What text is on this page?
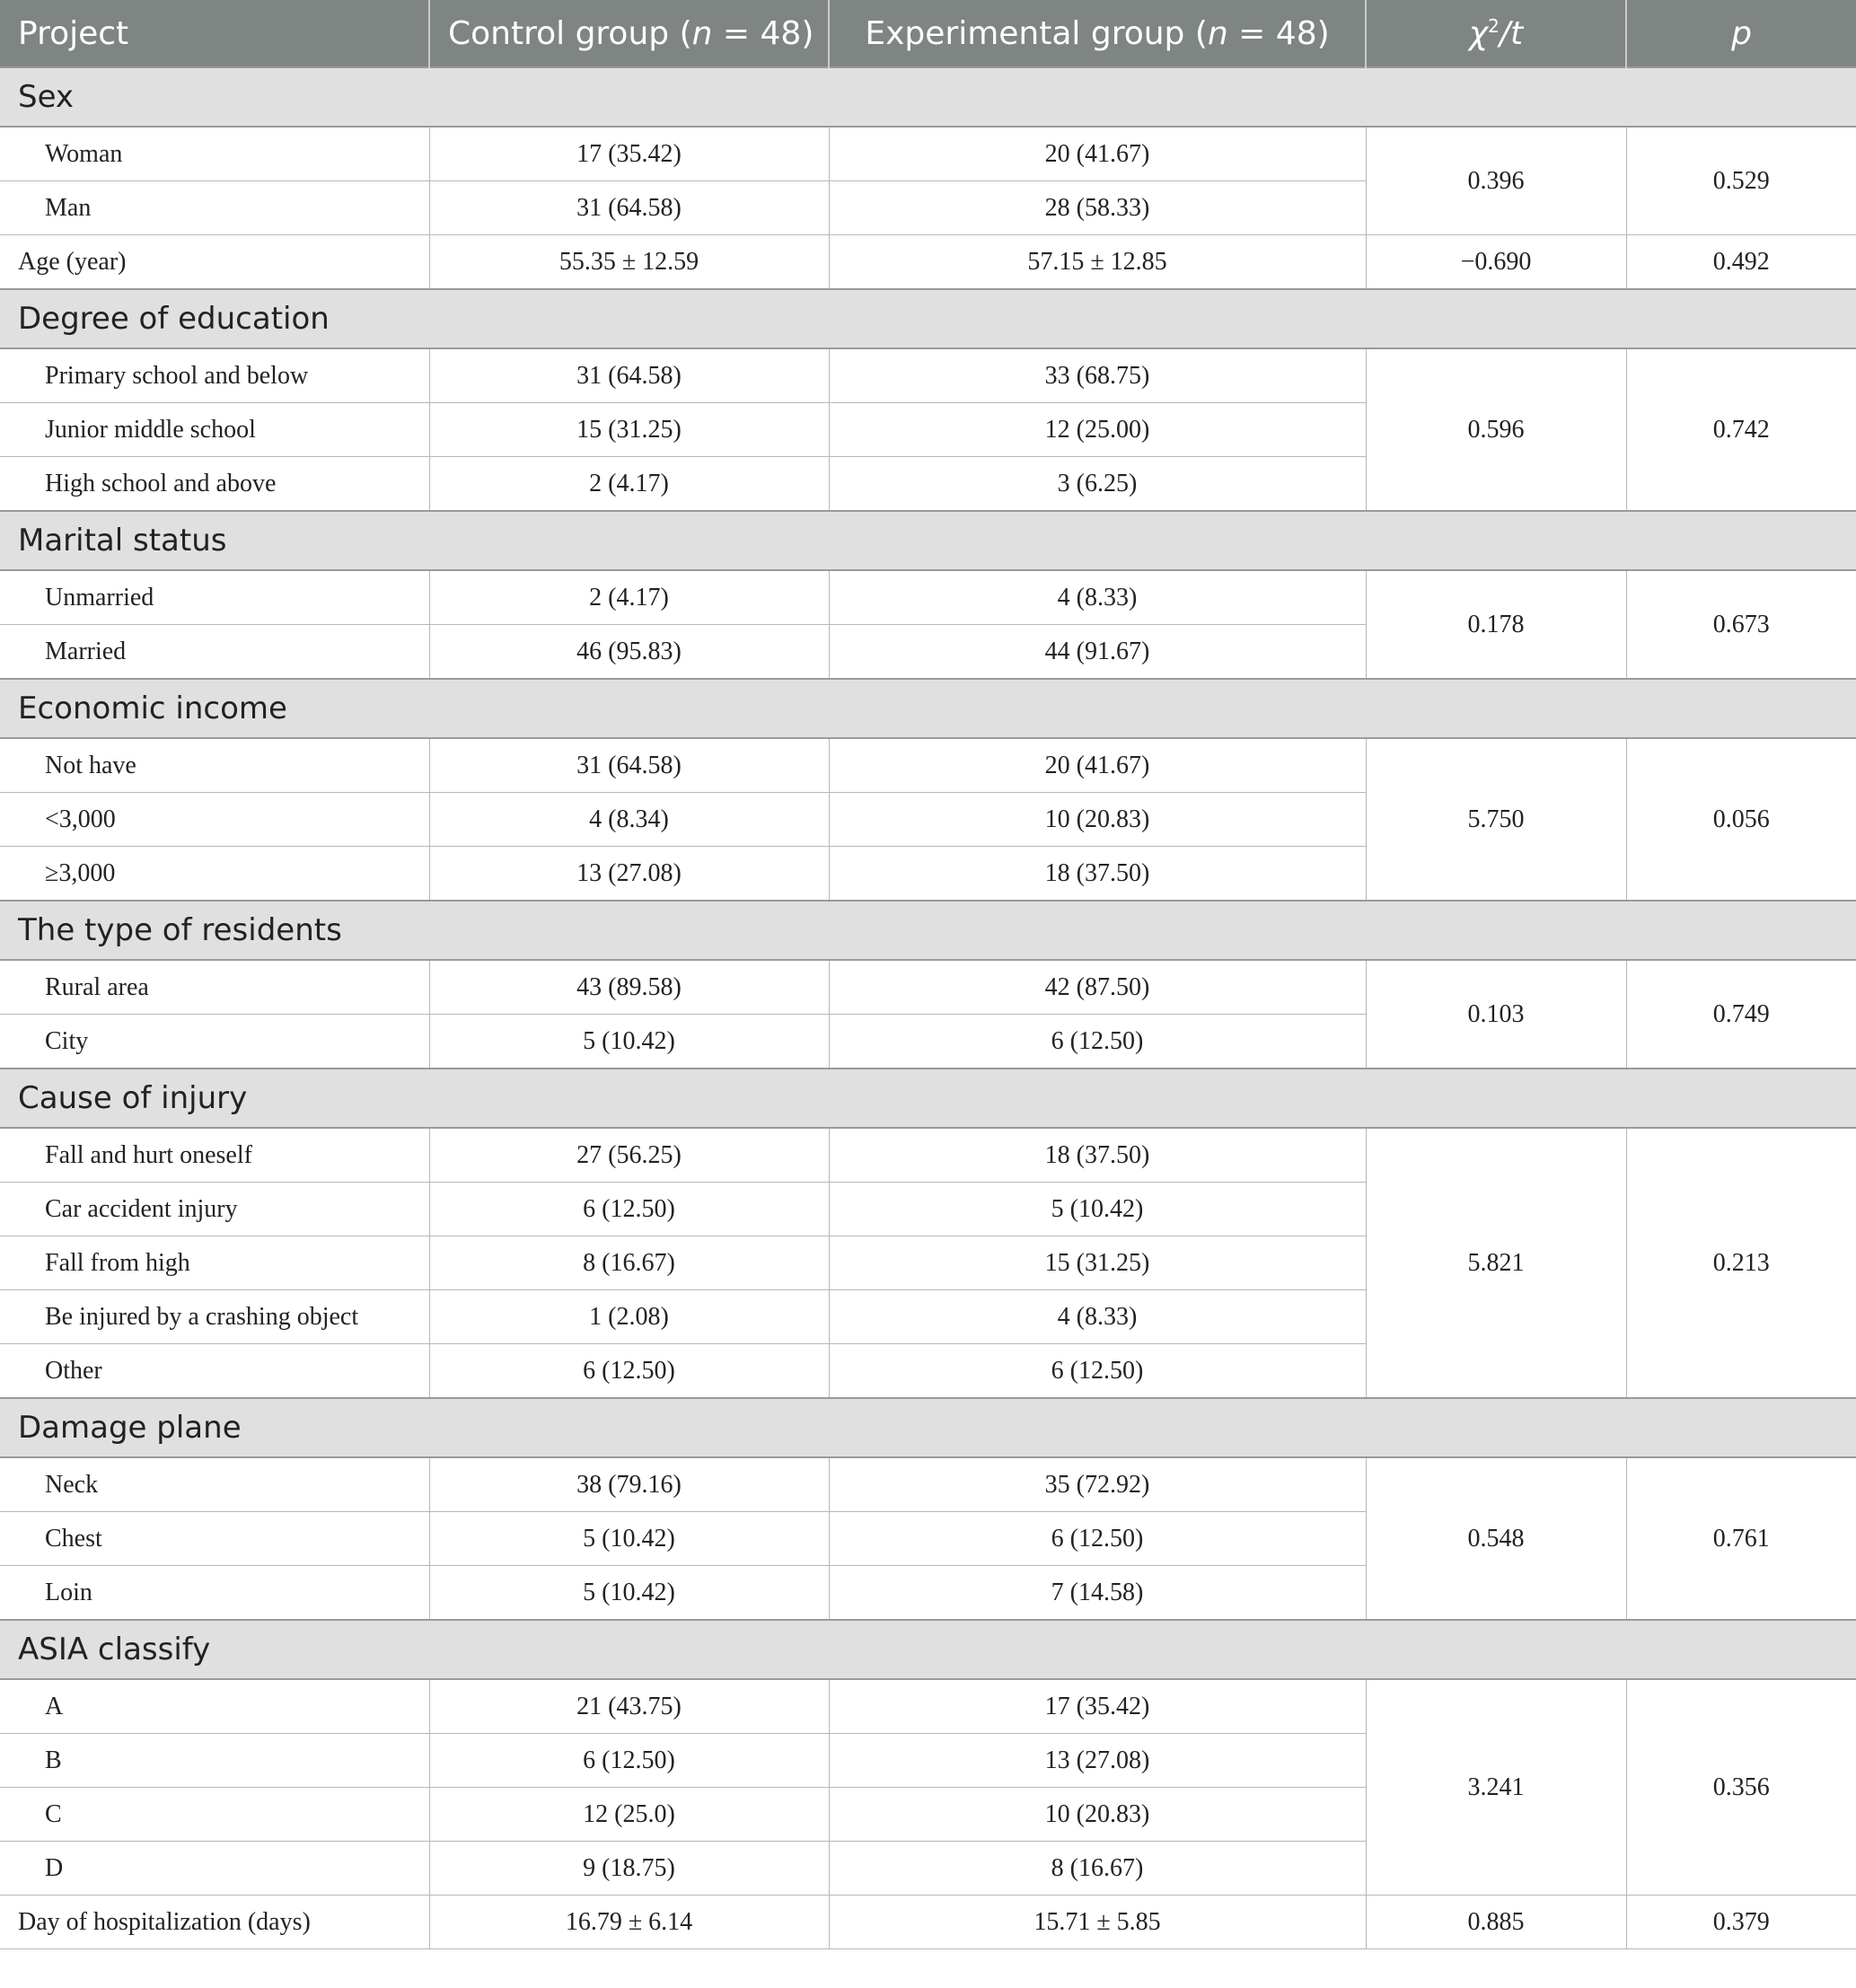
Project	Control group (n = 48)	Experimental group (n = 48)	$\chi^2/t$	p
Sex				
Woman	17 (35.42)	20 (41.67)	0.396	0.529
Man	31 (64.58)	28 (58.33)		
Age (year)	55.35 ± 12.59	57.15 ± 12.85	−0.690	0.492
Degree of education				
Primary school and below	31 (64.58)	33 (68.75)	0.596	0.742
Junior middle school	15 (31.25)	12 (25.00)		
High school and above	2 (4.17)	3 (6.25)		
Marital status				
Unmarried	2 (4.17)	4 (8.33)	0.178	0.673
Married	46 (95.83)	44 (91.67)		
Economic income				
Not have	31 (64.58)	20 (41.67)	5.750	0.056
<3,000	4 (8.34)	10 (20.83)		
≥3,000	13 (27.08)	18 (37.50)		
The type of residents				
Rural area	43 (89.58)	42 (87.50)	0.103	0.749
City	5 (10.42)	6 (12.50)		
Cause of injury				
Fall and hurt oneself	27 (56.25)	18 (37.50)	5.821	0.213
Car accident injury	6 (12.50)	5 (10.42)		
Fall from high	8 (16.67)	15 (31.25)		
Be injured by a crashing object	1 (2.08)	4 (8.33)		
Other	6 (12.50)	6 (12.50)		
Damage plane				
Neck	38 (79.16)	35 (72.92)	0.548	0.761
Chest	5 (10.42)	6 (12.50)		
Loin	5 (10.42)	7 (14.58)		
ASIA classify				
A	21 (43.75)	17 (35.42)	3.241	0.356
B	6 (12.50)	13 (27.08)		
C	12 (25.0)	10 (20.83)		
D	9 (18.75)	8 (16.67)		
Day of hospitalization (days)	16.79 ± 6.14	15.71 ± 5.85	0.885	0.379
